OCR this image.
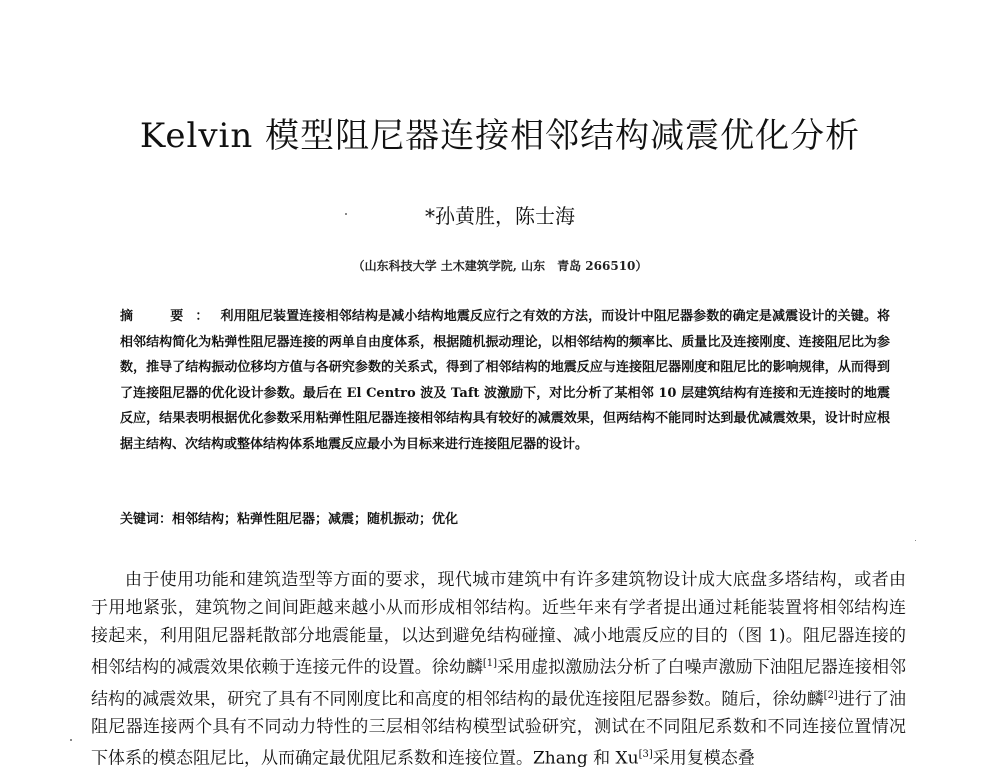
Kelvin 模型阻尼器连接相邻结构减震优化分析
*孙黄胜，陈士海
（山东科技大学 土木建筑学院, 山东　青岛 266510）
摘　要：利用阻尼装置连接相邻结构是减小结构地震反应行之有效的方法，而设计中阻尼器参数的确定是减震设计的关键。将相邻结构简化为粘弹性阻尼器连接的两单自由度体系，根据随机振动理论，以相邻结构的频率比、质量比及连接刚度、连接阻尼比为参数，推导了结构振动位移均方值与各研究参数的关系式，得到了相邻结构的地震反应与连接阻尼器刚度和阻尼比的影响规律，从而得到了连接阻尼器的优化设计参数。最后在 El Centro 波及 Taft 波激励下，对比分析了某相邻 10 层建筑结构有连接和无连接时的地震反应，结果表明根据优化参数采用粘弹性阻尼器连接相邻结构具有较好的减震效果，但两结构不能同时达到最优减震效果，设计时应根据主结构、次结构或整体结构体系地震反应最小为目标来进行连接阻尼器的设计。
关键词：相邻结构；粘弹性阻尼器；减震；随机振动；优化
由于使用功能和建筑造型等方面的要求，现代城市建筑中有许多建筑物设计成大底盘多塔结构，或者由于用地紧张，建筑物之间间距越来越小从而形成相邻结构。近些年来有学者提出通过耗能装置将相邻结构连接起来，利用阻尼器耗散部分地震能量，以达到避免结构碰撞、减小地震反应的目的（图 1)。阻尼器连接的相邻结构的减震效果依赖于连接元件的设置。徐幼麟[1]采用虚拟激励法分析了白噪声激励下油阻尼器连接相邻结构的减震效果，研究了具有不同刚度比和高度的相邻结构的最优连接阻尼器参数。随后，徐幼麟[2]进行了油阻尼器连接两个具有不同动力特性的三层相邻结构模型试验研究，测试在不同阻尼系数和不同连接位置情况下体系的模态阻尼比，从而确定最优阻尼系数和连接位置。Zhang 和 Xu[3]采用复模态叠
